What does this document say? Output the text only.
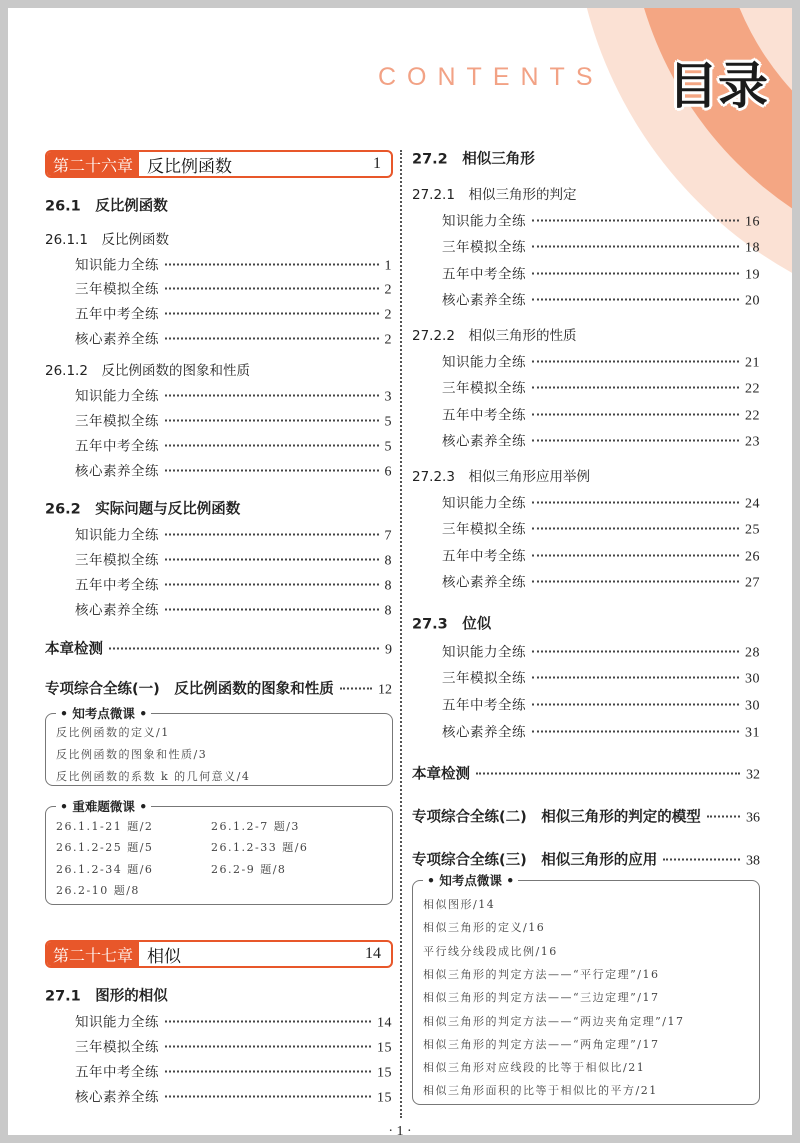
CONTENTS 目录
第二十六章 反比例函数	1
第二十七章 相似	14
26.1　反比例函数
26.1.1　反比例函数
知识能力全练	1
三年模拟全练	2
五年中考全练	2
核心素养全练	2
26.1.2　反比例函数的图象和性质
知识能力全练	3
三年模拟全练	5
五年中考全练	5
核心素养全练	6
26.2　实际问题与反比例函数
知识能力全练	7
三年模拟全练	8
五年中考全练	8
核心素养全练	8
本章检测	9
专项综合全练(一)　反比例函数的图象和性质	12
27.1　图形的相似
知识能力全练	14
三年模拟全练	15
五年中考全练	15
核心素养全练	15
27.2　相似三角形
27.2.1　相似三角形的判定
知识能力全练	16
三年模拟全练	18
五年中考全练	19
核心素养全练	20
27.2.2　相似三角形的性质
知识能力全练	21
三年模拟全练	22
五年中考全练	22
核心素养全练	23
27.2.3　相似三角形应用举例
知识能力全练	24
三年模拟全练	25
五年中考全练	26
核心素养全练	27
27.3　位似
知识能力全练	28
三年模拟全练	30
五年中考全练	30
核心素养全练	31
本章检测	32
专项综合全练(二)　相似三角形的判定的模型	36
专项综合全练(三)　相似三角形的应用	38
• 知考点微课 •
反比例函数的定义/1
反比例函数的图象和性质/3
反比例函数的系数 k 的几何意义/4
• 重难题微课 •
26.1.1-21 题/2	26.1.2-7 题/3
26.1.2-25 题/5	26.1.2-33 题/6
26.1.2-34 题/6	26.2-9 题/8
26.2-10 题/8
• 知考点微课 •
相似图形/14
相似三角形的定义/16
平行线分线段成比例/16
相似三角形的判定方法——“平行定理”/16
相似三角形的判定方法——“三边定理”/17
相似三角形的判定方法——“两边夹角定理”/17
相似三角形的判定方法——“两角定理”/17
相似三角形对应线段的比等于相似比/21
相似三角形面积的比等于相似比的平方/21
· 1 ·
